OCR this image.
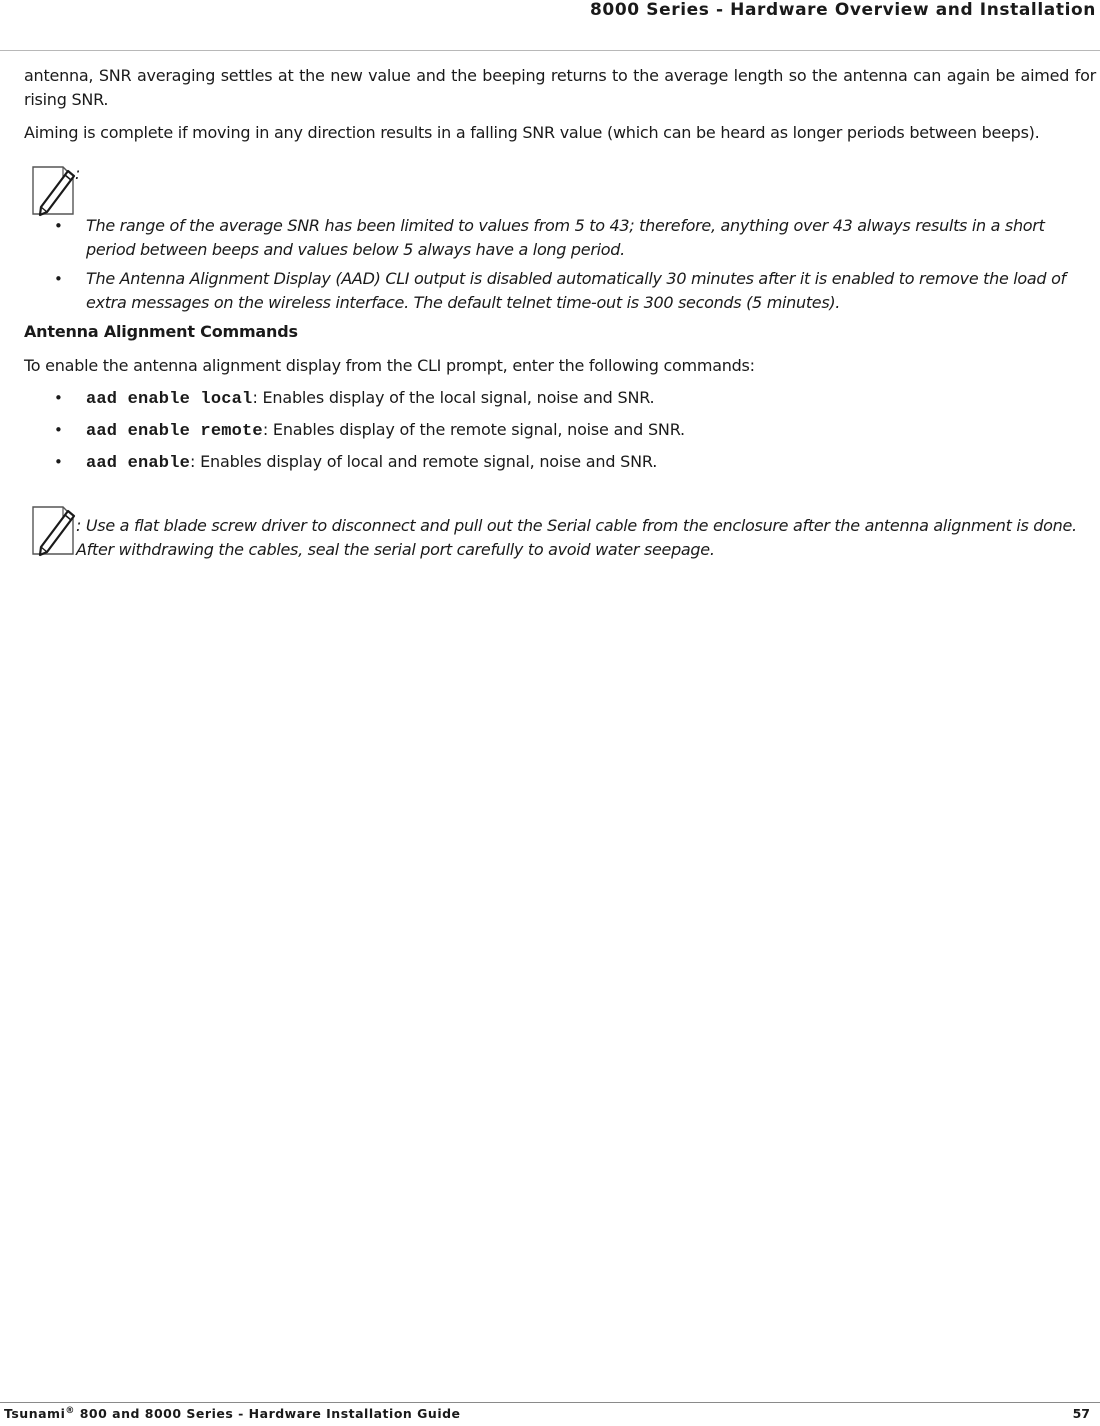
8000 Series - Hardware Overview and Installation

antenna, SNR averaging settles at the new value and the beeping returns to the average length so the antenna can again be aimed for rising SNR.

Aiming is complete if moving in any direction results in a falling SNR value (which can be heard as longer periods between beeps).

:
• The range of the average SNR has been limited to values from 5 to 43; therefore, anything over 43 always results in a short period between beeps and values below 5 always have a long period.
• The Antenna Alignment Display (AAD) CLI output is disabled automatically 30 minutes after it is enabled to remove the load of extra messages on the wireless interface. The default telnet time-out is 300 seconds (5 minutes).
Antenna Alignment Commands

To enable the antenna alignment display from the CLI prompt, enter the following commands:

• aad enable local: Enables display of the local signal, noise and SNR.
• aad enable remote: Enables display of the remote signal, noise and SNR.
• aad enable: Enables display of local and remote signal, noise and SNR.
: Use a flat blade screw driver to disconnect and pull out the Serial cable from the enclosure after the antenna alignment is done. After withdrawing the cables, seal the serial port carefully to avoid water seepage.
Tsunami® 800 and 8000 Series - Hardware Installation Guide	57
